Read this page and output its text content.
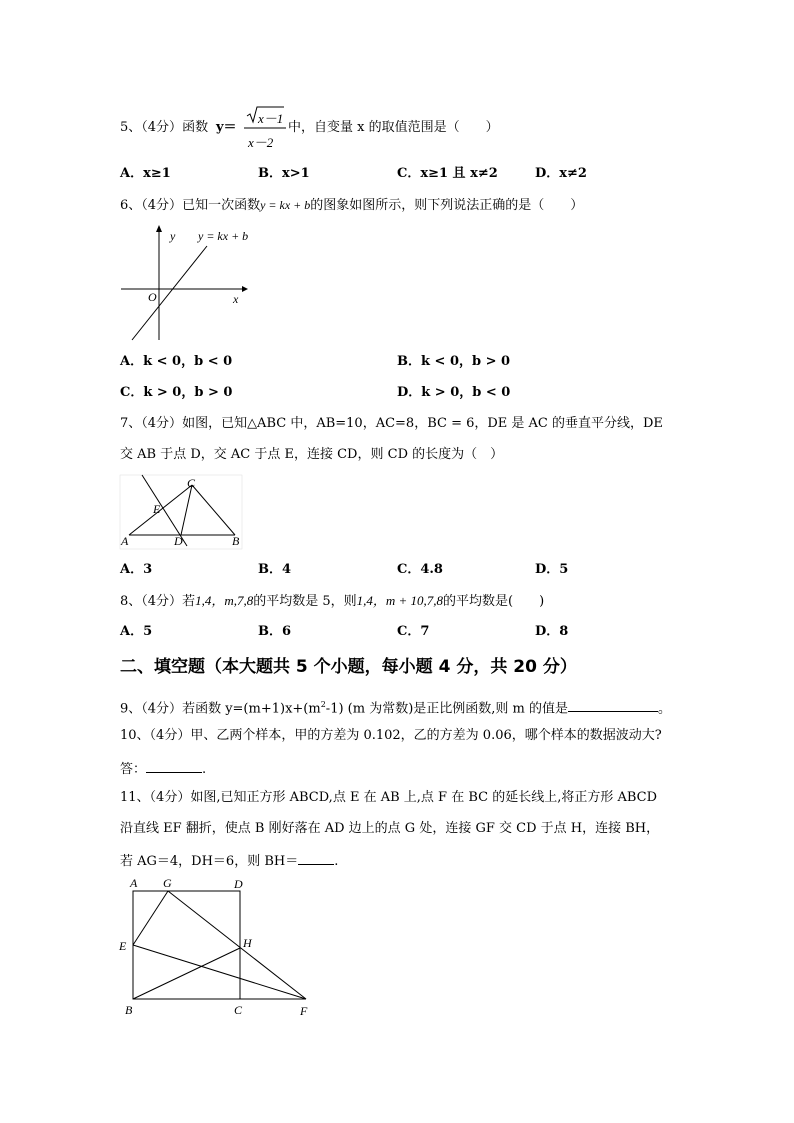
5、（4分）函数 y＝
x－1
x－2
中，自变量 x 的取值范围是（　　）
A．x≥1	B．x>1	C．x≥1 且 x≠2	D．x≠2
6、（4分）已知一次函数y = kx + b的图象如图所示，则下列说法正确的是（　　）
y y = kx + b
O	x
A．k < 0，b < 0	B．k < 0，b > 0
C．k > 0，b > 0	D．k > 0，b < 0
7、（4分）如图，已知△ABC 中，AB=10，AC=8，BC = 6，DE 是 AC 的垂直平分线，DE
交 AB 于点 D，交 AC 于点 E，连接 CD，则 CD 的长度为（　）
A	B
C
D
E
A．3	B．4	C．4.8	D．5
8、（4分）若1,4，m,7,8的平均数是 5，则1,4，m + 10,7,8的平均数是(　　)
A．5	B．6	C．7	D．8
二、填空题（本大题共 5 个小题，每小题 4 分，共 20 分）
9、（4分）若函数 $y=(m+1)x+(m^2-1)$ (m 为常数)是正比例函数,则 m 的值是	。
10、（4分）甲、乙两个样本，甲的方差为 0.102，乙的方差为 0.06，哪个样本的数据波动大?
答：	.
11、（4分）如图,已知正方形 ABCD,点 E 在 AB 上,点 F 在 BC 的延长线上,将正方形 ABCD
沿直线 EF 翻折，使点 B 刚好落在 AD 边上的点 G 处，连接 GF 交 CD 于点 H，连接 BH，
若 AG＝4，DH＝6，则 BH＝	.
A G	D
E	H
B	C	F
